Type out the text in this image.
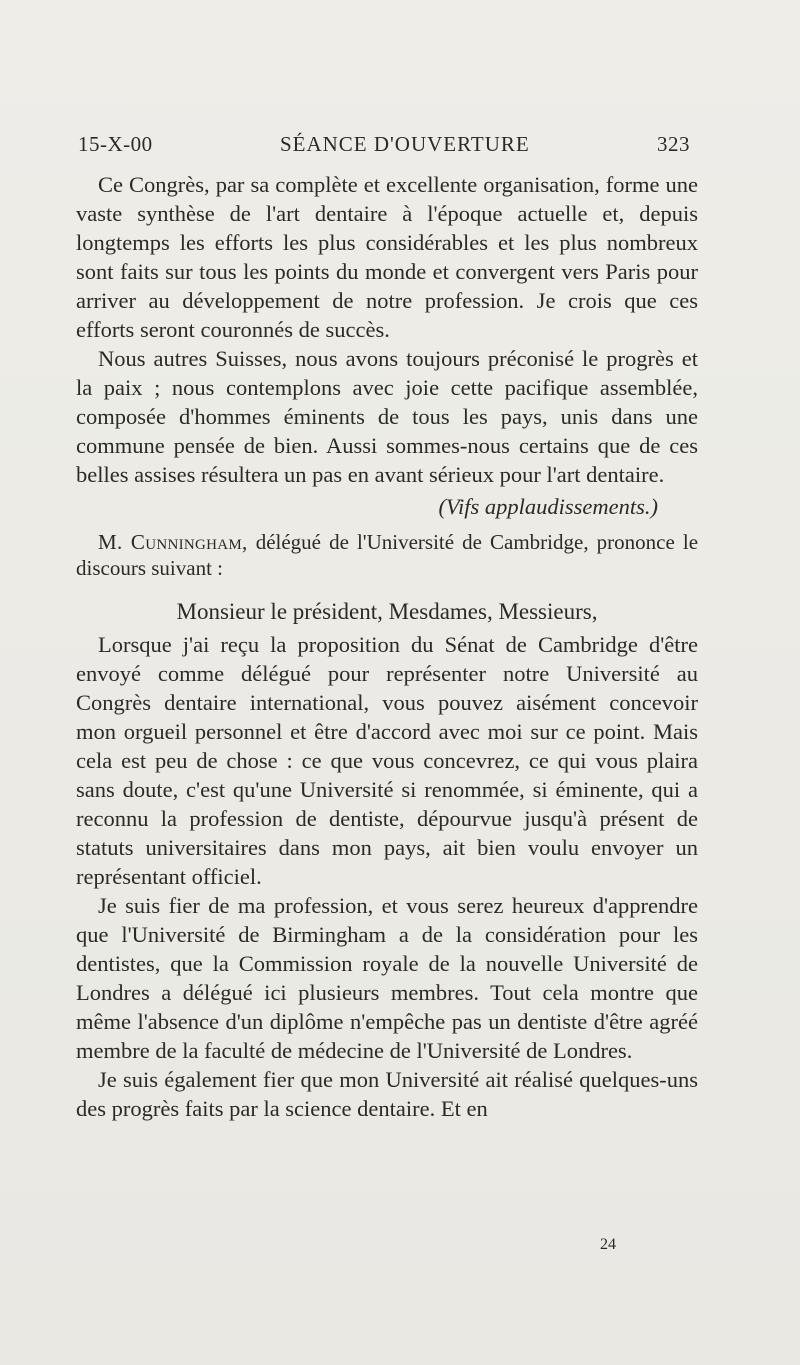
15-X-00	SÉANCE D'OUVERTURE	323

Ce Congrès, par sa complète et excellente organisation, forme une vaste synthèse de l'art dentaire à l'époque actuelle et, depuis longtemps les efforts les plus considérables et les plus nombreux sont faits sur tous les points du monde et convergent vers Paris pour arriver au développement de notre profession. Je crois que ces efforts seront couronnés de succès.

Nous autres Suisses, nous avons toujours préconisé le progrès et la paix ; nous contemplons avec joie cette pacifique assemblée, composée d'hommes éminents de tous les pays, unis dans une commune pensée de bien. Aussi sommes-nous certains que de ces belles assises résultera un pas en avant sérieux pour l'art dentaire.

(Vifs applaudissements.)

M. Cunningham, délégué de l'Université de Cambridge, prononce le discours suivant :

Monsieur le président, Mesdames, Messieurs,

Lorsque j'ai reçu la proposition du Sénat de Cambridge d'être envoyé comme délégué pour représenter notre Université au Congrès dentaire international, vous pouvez aisément concevoir mon orgueil personnel et être d'accord avec moi sur ce point. Mais cela est peu de chose : ce que vous concevrez, ce qui vous plaira sans doute, c'est qu'une Université si renommée, si éminente, qui a reconnu la profession de dentiste, dépourvue jusqu'à présent de statuts universitaires dans mon pays, ait bien voulu envoyer un représentant officiel.

Je suis fier de ma profession, et vous serez heureux d'apprendre que l'Université de Birmingham a de la considération pour les dentistes, que la Commission royale de la nouvelle Université de Londres a délégué ici plusieurs membres. Tout cela montre que même l'absence d'un diplôme n'empêche pas un dentiste d'être agréé membre de la faculté de médecine de l'Université de Londres.

Je suis également fier que mon Université ait réalisé quelques-uns des progrès faits par la science dentaire. Et en

24
